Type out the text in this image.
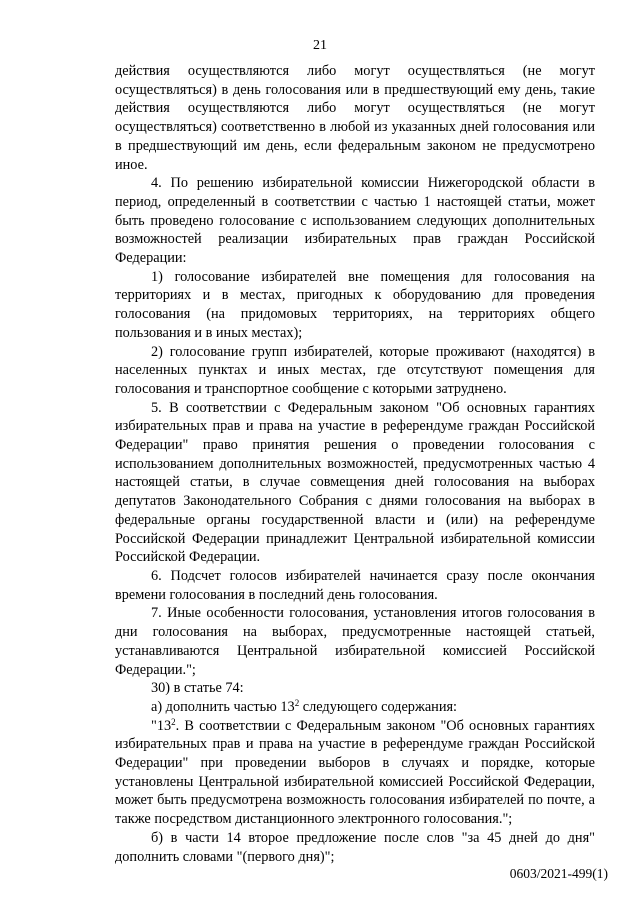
21

действия осуществляются либо могут осуществляться (не могут осуществляться) в день голосования или в предшествующий ему день, такие действия осуществляются либо могут осуществляться (не могут осуществляться) соответственно в любой из указанных дней голосования или в предшествующий им день, если федеральным законом не предусмотрено иное.

4. По решению избирательной комиссии Нижегородской области в период, определенный в соответствии с частью 1 настоящей статьи, может быть проведено голосование с использованием следующих дополнительных возможностей реализации избирательных прав граждан Российской Федерации:

1) голосование избирателей вне помещения для голосования на территориях и в местах, пригодных к оборудованию для проведения голосования (на придомовых территориях, на территориях общего пользования и в иных местах);

2) голосование групп избирателей, которые проживают (находятся) в населенных пунктах и иных местах, где отсутствуют помещения для голосования и транспортное сообщение с которыми затруднено.

5. В соответствии с Федеральным законом "Об основных гарантиях избирательных прав и права на участие в референдуме граждан Российской Федерации" право принятия решения о проведении голосования с использованием дополнительных возможностей, предусмотренных частью 4 настоящей статьи, в случае совмещения дней голосования на выборах депутатов Законодательного Собрания с днями голосования на выборах в федеральные органы государственной власти и (или) на референдуме Российской Федерации принадлежит Центральной избирательной комиссии Российской Федерации.

6. Подсчет голосов избирателей начинается сразу после окончания времени голосования в последний день голосования.

7. Иные особенности голосования, установления итогов голосования в дни голосования на выборах, предусмотренные настоящей статьей, устанавливаются Центральной избирательной комиссией Российской Федерации.";

30) в статье 74:

а) дополнить частью $13^2$ следующего содержания:

"$13^2$. В соответствии с Федеральным законом "Об основных гарантиях избирательных прав и права на участие в референдуме граждан Российской Федерации" при проведении выборов в случаях и порядке, которые установлены Центральной избирательной комиссией Российской Федерации, может быть предусмотрена возможность голосования избирателей по почте, а также посредством дистанционного электронного голосования.";

б) в части 14 второе предложение после слов "за 45 дней до дня" дополнить словами "(первого дня)";

0603/2021-499(1)
